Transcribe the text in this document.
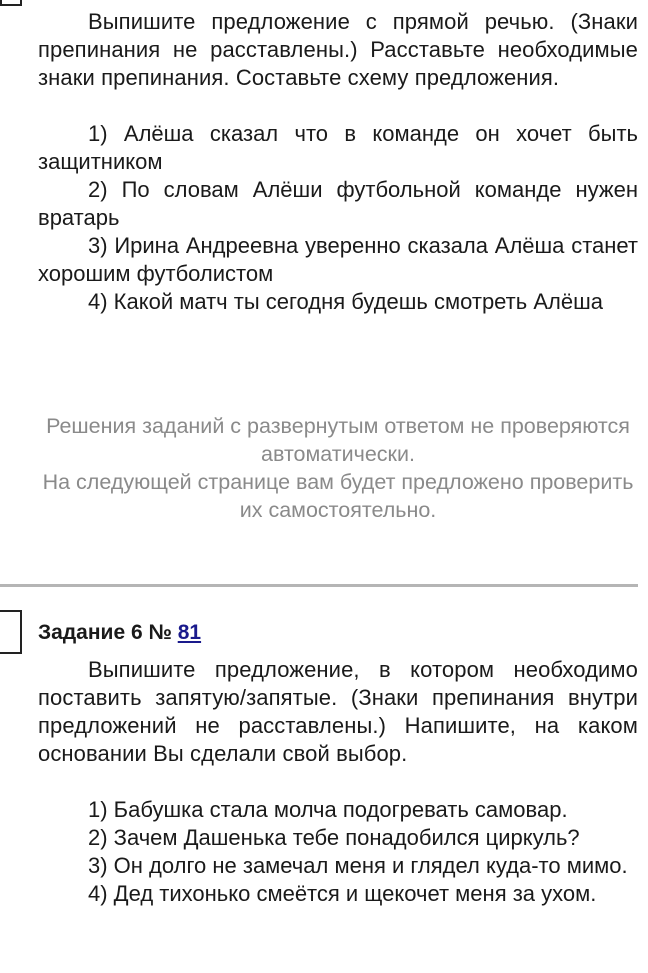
Выпишите предложение с прямой речью. (Знаки препинания не расставлены.) Расставьте необходимые знаки препинания. Составьте схему предложения.

1) Алёша сказал что в команде он хочет быть защитником

2) По словам Алёши футбольной команде нужен вратарь

3) Ирина Андреевна уверенно сказала Алёша станет хорошим футболистом

4) Какой матч ты сегодня будешь смотреть Алёша

Решения заданий с развернутым ответом не проверяются автоматически.

На следующей странице вам будет предложено проверить их самостоятельно.

Задание 6 № 81

Выпишите предложение, в котором необходимо поставить запятую/запятые. (Знаки препинания внутри предложений не расставлены.) Напишите, на каком основании Вы сделали свой выбор.

1) Бабушка стала молча подогревать самовар.

2) Зачем Дашенька тебе понадобился циркуль?

3) Он долго не замечал меня и глядел куда-то мимо.

4) Дед тихонько смеётся и щекочет меня за ухом.
